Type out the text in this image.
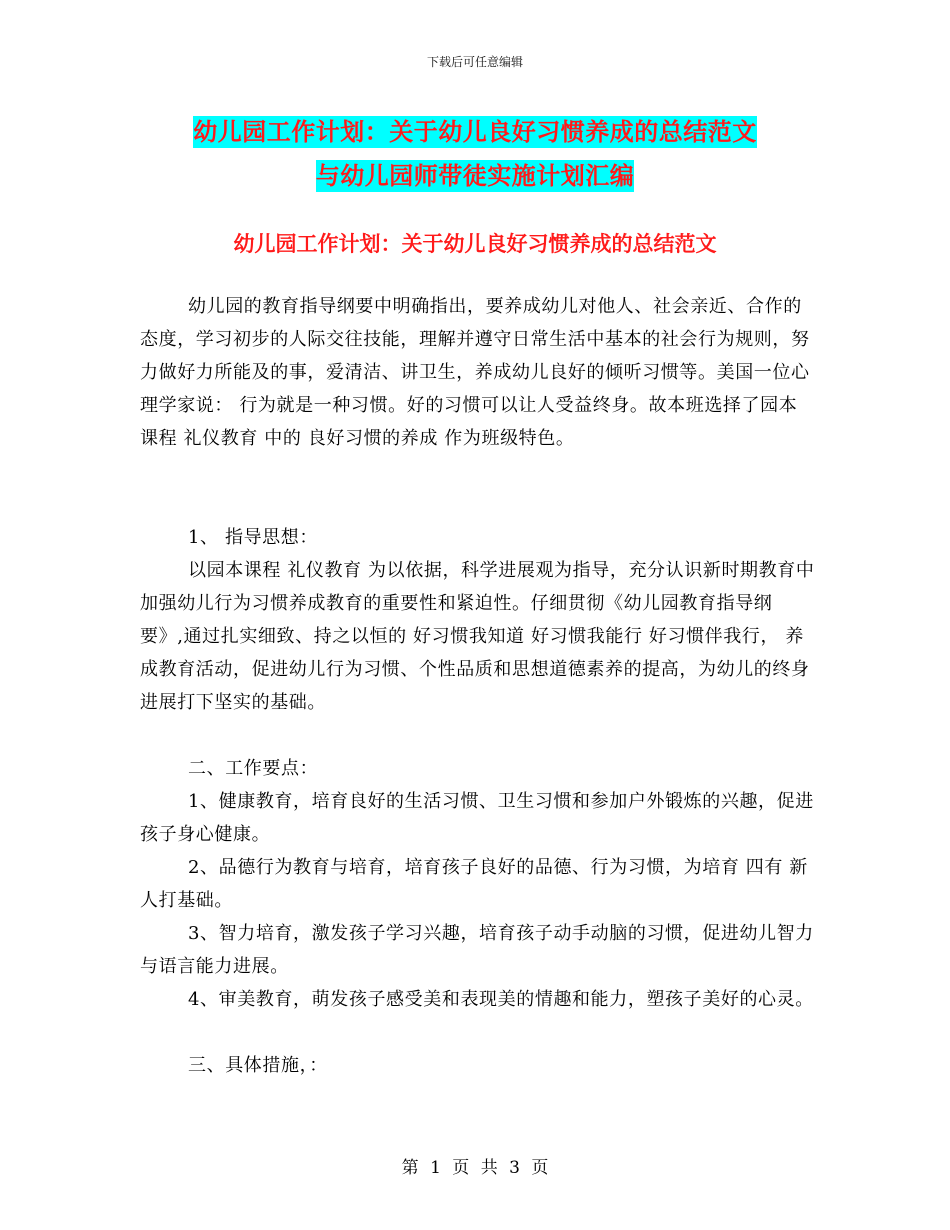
下载后可任意编辑
幼儿园工作计划：关于幼儿良好习惯养成的总结范文
与幼儿园师带徒实施计划汇编
幼儿园工作计划：关于幼儿良好习惯养成的总结范文

幼儿园的教育指导纲要中明确指出，要养成幼儿对他人、社会亲近、合作的态度，学习初步的人际交往技能，理解并遵守日常生活中基本的社会行为规则，努力做好力所能及的事，爱清洁、讲卫生，养成幼儿良好的倾听习惯等。美国一位心理学家说： 行为就是一种习惯。好的习惯可以让人受益终身。故本班选择了园本课程 礼仪教育 中的 良好习惯的养成 作为班级特色。

1、 指导思想：

以园本课程 礼仪教育 为以依据，科学进展观为指导，充分认识新时期教育中加强幼儿行为习惯养成教育的重要性和紧迫性。仔细贯彻《幼儿园教育指导纲要》,通过扎实细致、持之以恒的 好习惯我知道 好习惯我能行 好习惯伴我行， 养成教育活动，促进幼儿行为习惯、个性品质和思想道德素养的提高，为幼儿的终身进展打下坚实的基础。

二、工作要点：

1、健康教育，培育良好的生活习惯、卫生习惯和参加户外锻炼的兴趣，促进孩子身心健康。

2、品德行为教育与培育，培育孩子良好的品德、行为习惯，为培育 四有 新人打基础。

3、智力培育，激发孩子学习兴趣，培育孩子动手动脑的习惯，促进幼儿智力与语言能力进展。

4、审美教育，萌发孩子感受美和表现美的情趣和能力，塑孩子美好的心灵。

三、具体措施，：

第 1 页 共 3 页
